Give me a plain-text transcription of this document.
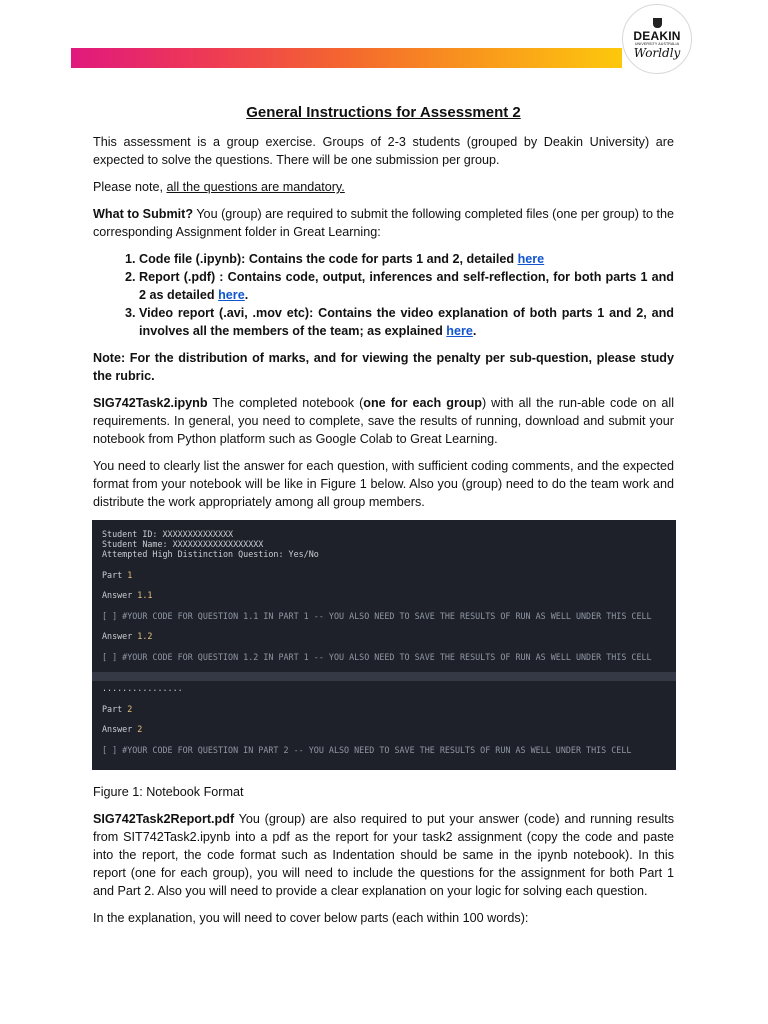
DEAKIN
UNIVERSITY AUSTRALIA
Worldly
General Instructions for Assessment 2

This assessment is a group exercise. Groups of 2-3 students (grouped by Deakin University) are expected to solve the questions. There will be one submission per group.

Please note, all the questions are mandatory.

What to Submit? You (group) are required to submit the following completed files (one per group) to the corresponding Assignment folder in Great Learning:

1. Code file (.ipynb): Contains the code for parts 1 and 2, detailed here
2. Report (.pdf) : Contains code, output, inferences and self-reflection, for both parts 1 and 2 as detailed here.
3. Video report (.avi, .mov etc): Contains the video explanation of both parts 1 and 2, and involves all the members of the team; as explained here.

Note: For the distribution of marks, and for viewing the penalty per sub-question, please study the rubric.

SIG742Task2.ipynb The completed notebook (one for each group) with all the run-able code on all requirements. In general, you need to complete, save the results of running, download and submit your notebook from Python platform such as Google Colab to Great Learning.

You need to clearly list the answer for each question, with sufficient coding comments, and the expected format from your notebook will be like in Figure 1 below. Also you (group) need to do the team work and distribute the work appropriately among all group members.

Student ID: XXXXXXXXXXXXXX
Student Name: XXXXXXXXXXXXXXXXXX
Attempted High Distinction Question: Yes/No
Part 1
Answer 1.1
[ ] #YOUR CODE FOR QUESTION 1.1 IN PART 1 -- YOU ALSO NEED TO SAVE THE RESULTS OF RUN AS WELL UNDER THIS CELL
Answer 1.2
[ ] #YOUR CODE FOR QUESTION 1.2 IN PART 1 -- YOU ALSO NEED TO SAVE THE RESULTS OF RUN AS WELL UNDER THIS CELL
................
Part 2
Answer 2
[ ] #YOUR CODE FOR QUESTION IN PART 2 -- YOU ALSO NEED TO SAVE THE RESULTS OF RUN AS WELL UNDER THIS CELL

Figure 1: Notebook Format

SIG742Task2Report.pdf You (group) are also required to put your answer (code) and running results from SIT742Task2.ipynb into a pdf as the report for your task2 assignment (copy the code and paste into the report, the code format such as Indentation should be same in the ipynb notebook). In this report (one for each group), you will need to include the questions for the assignment for both Part 1 and Part 2. Also you will need to provide a clear explanation on your logic for solving each question.

In the explanation, you will need to cover below parts (each within 100 words):
